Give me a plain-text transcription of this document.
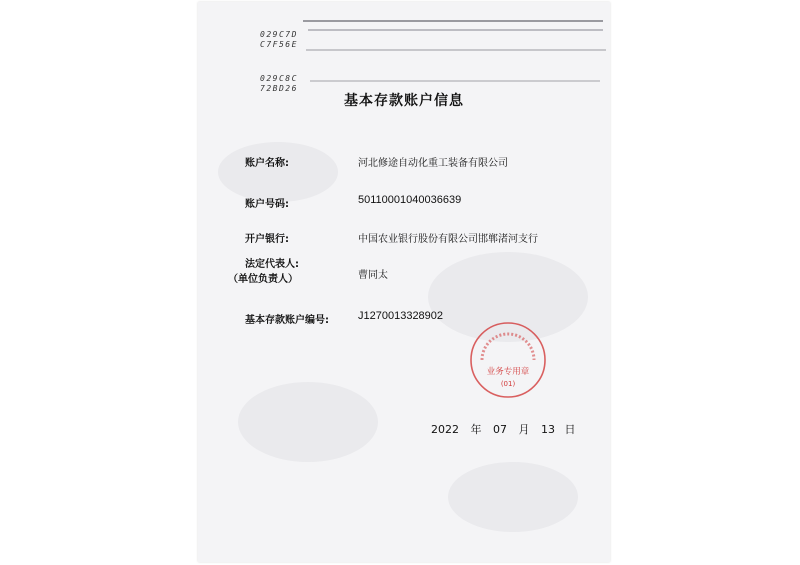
029C7D
C7F56E
029C8C
72BD26
基本存款账户信息
账户名称:	河北修途自动化重工装备有限公司
账户号码:	50110001040036639
开户银行:	中国农业银行股份有限公司邯郸渚河支行
法定代表人:
（单位负责人）	曹同太
基本存款账户编号:	J1270013328902
业务专用章
(01)
2022 年 07 月 13 日
